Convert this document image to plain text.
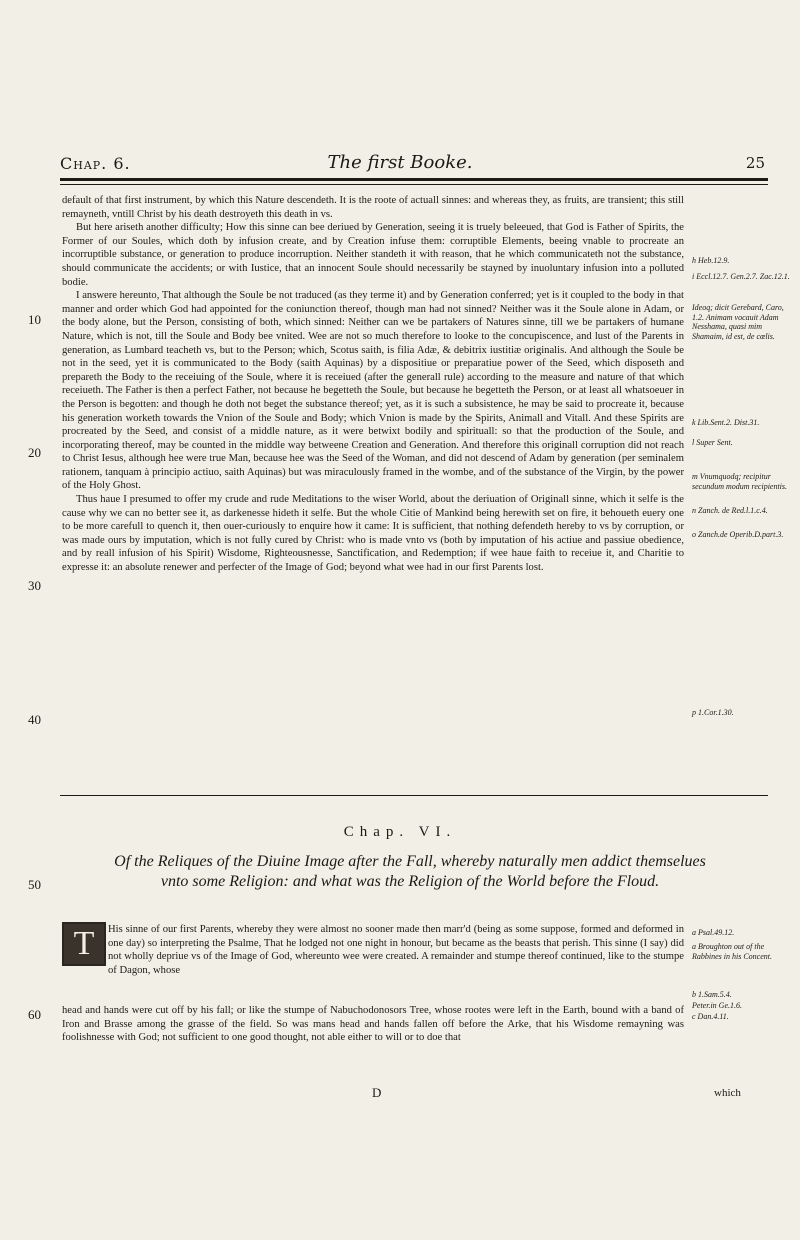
Chap. 6.	The first Booke.	25

default of that first instrument, by which this Nature descendeth. It is the roote of actuall sinnes: and whereas they, as fruits, are transient; this still remayneth, vntill Christ by his death destroyeth this death in vs.

But here ariseth another difficulty; How this sinne can bee deriued by Generation, seeing it is truely beleeued, that God is Father of Spirits, the Former of our Soules, which doth by infusion create, and by Creation infuse them: corruptible Elements, beeing vnable to procreate an incorruptible substance, or generation to produce incorruption. Neither standeth it with reason, that he which communicateth not the substance, should communicate the accidents; or with Iustice, that an innocent Soule should necessarily be stayned by inuoluntary infusion into a polluted bodie.

I answere hereunto, That although the Soule be not traduced (as they terme it) and by Generation conferred; yet is it coupled to the body in that manner and order which God had appointed for the coniunction thereof, though man had not sinned? Neither was it the Soule alone in Adam, or the body alone, but the Person, consisting of both, which sinned: Neither can we be partakers of Natures sinne, till we be partakers of humane Nature, which is not, till the Soule and Body bee vnited. Wee are not so much therefore to looke to the concupiscence, and lust of the Parents in generation, as Lumbard teacheth vs, but to the Person; which, Scotus saith, is filia Adæ, & debitrix iustitiæ originalis. And although the Soule be not in the seed, yet it is communicated to the Body (saith Aquinas) by a dispositiue or preparatiue power of the Seed, which disposeth and prepareth the Body to the receiuing of the Soule, where it is receiued (after the generall rule) according to the measure and nature of that which receiueth. The Father is then a perfect Father, not because he begetteth the Soule, but because he begetteth the Person, or at least all whatsoeuer in the Person is begotten: and though he doth not beget the substance thereof; yet, as it is such a subsistence, he may be said to procreate it, because his generation worketh towards the Vnion of the Soule and Body; which Vnion is made by the Spirits, Animall and Vitall. And these Spirits are procreated by the Seed, and consist of a middle nature, as it were betwixt bodily and spirituall: so that the production of the Soule, and incorporating thereof, may be counted in the middle way betweene Creation and Generation. And therefore this originall corruption did not reach to Christ Iesus, although hee were true Man, because hee was the Seed of the Woman, and did not descend of Adam by generation (per seminalem rationem, tanquam à principio actiuo, saith Aquinas) but was miraculously framed in the wombe, and of the substance of the Virgin, by the power of the Holy Ghost.

Thus haue I presumed to offer my crude and rude Meditations to the wiser World, about the deriuation of Originall sinne, which it selfe is the cause why we can no better see it, as darkenesse hideth it selfe. But the whole Citie of Mankind being herewith set on fire, it behoueth euery one to be more carefull to quench it, then ouer-curiously to enquire how it came: It is sufficient, that nothing defendeth hereby to vs by corruption, or was made ours by imputation, which is not fully cured by Christ: who is made vnto vs (both by imputation of his actiue and passiue obedience, and by reall infusion of his Spirit) Wisdome, Righteousnesse, Sanctification, and Redemption; if wee haue faith to receiue it, and Charitie to expresse it: an absolute renewer and perfecter of the Image of God; beyond what wee had in our first Parents lost.

h Heb.12.9.
i Eccl.12.7. Gen.2.7. Zac.12.1.
Ideoq; dicit Gerebard, Caro, 1.2. Animam vocauit Adam Nesshama, quasi mim Shamaim, id est, de cœlis.
k Lib.Sent.2. Dist.31.
l Super Sent.
m Vnumquodq; recipitur secundum modum recipientis.
n Zanch. de Red.l.1.c.4.
o Zanch.de Operib.D.part.3.
p 1.Cor.1.30.
a Psal.49.12.
a Broughton out of the Rabbines in his Concent.
b 1.Sam.5.4.
Peter.in Ge.1.6.
c Dan.4.11.
10
20
30
40
50
60
Chap. VI.
Of the Reliques of the Diuine Image after the Fall, whereby naturally men addict themselues vnto some Religion: and what was the Religion of the World before the Floud.
T	His sinne of our first Parents, whereby they were almost no sooner made then marr'd (being as some suppose, formed and deformed in one day) so interpreting the Psalme, That he lodged not one night in honour, but became as the beasts that perish. This sinne (I say) did not wholly depriue vs of the Image of God, whereunto wee were created. A remainder and stumpe thereof continued, like to the stumpe of Dagon, whose
head and hands were cut off by his fall; or like the stumpe of Nabuchodonosors Tree, whose rootes were left in the Earth, bound with a band of Iron and Brasse among the grasse of the field. So was mans head and hands fallen off before the Arke, that his Wisdome remayning was foolishnesse with God; not sufficient to one good thought, not able either to will or to doe that
D	which
